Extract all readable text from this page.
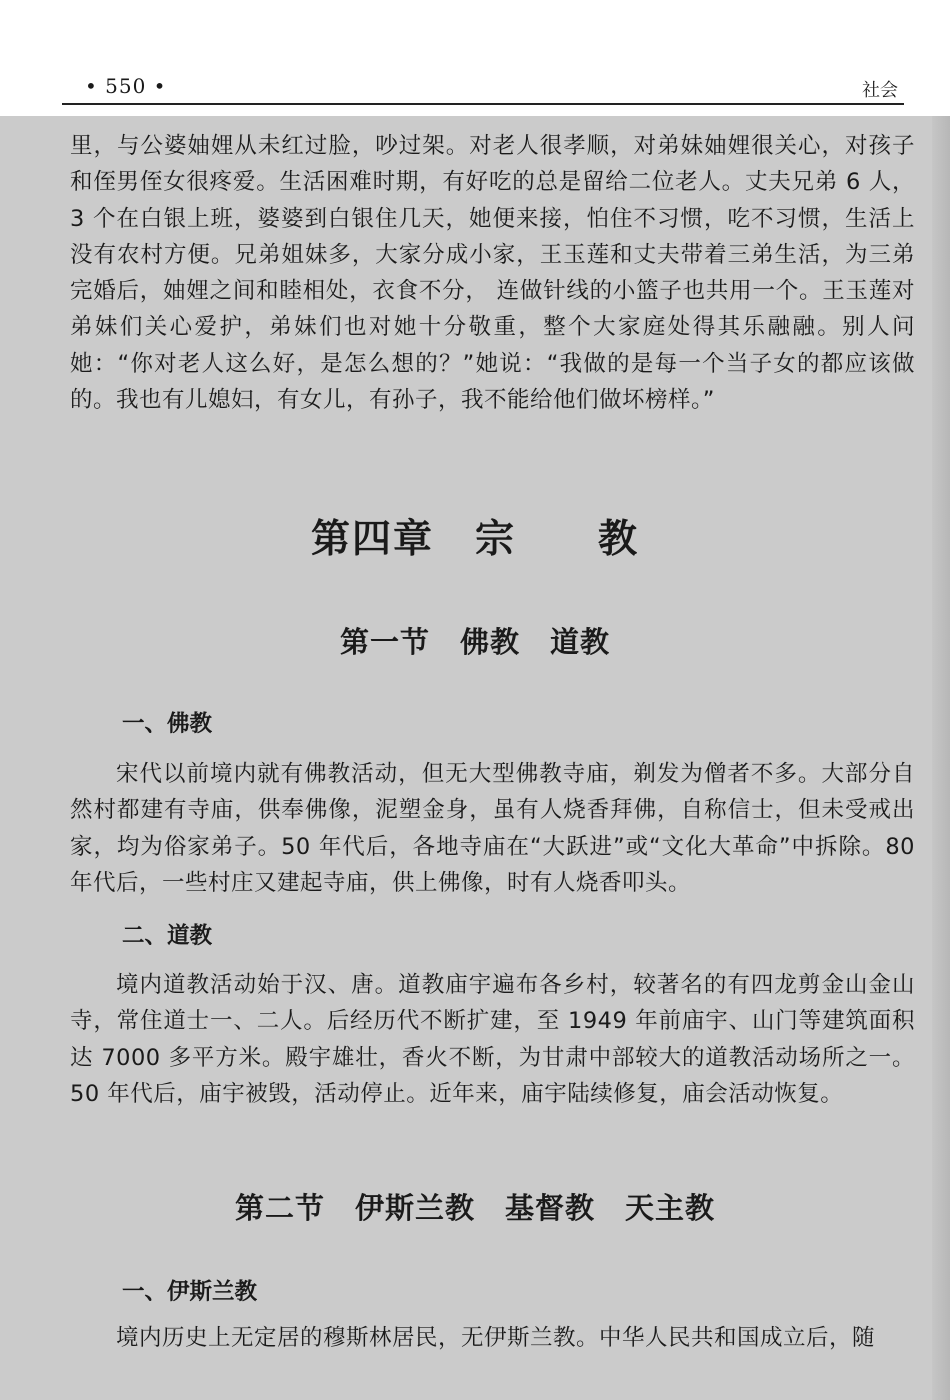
• 550 •	社会

里，与公婆妯娌从未红过脸，吵过架。对老人很孝顺，对弟妹妯娌很关心，对孩子和侄男侄女很疼爱。生活困难时期，有好吃的总是留给二位老人。丈夫兄弟 6 人，3 个在白银上班，婆婆到白银住几天，她便来接，怕住不习惯，吃不习惯，生活上没有农村方便。兄弟姐妹多，大家分成小家，王玉莲和丈夫带着三弟生活，为三弟完婚后，妯娌之间和睦相处，衣食不分， 连做针线的小篮子也共用一个。王玉莲对弟妹们关心爱护，弟妹们也对她十分敬重，整个大家庭处得其乐融融。别人问她：“你对老人这么好，是怎么想的？”她说：“我做的是每一个当子女的都应该做的。我也有儿媳妇，有女儿，有孙子，我不能给他们做坏榜样。”

第四章　宗　　教
第一节　佛教　道教
一、佛教

宋代以前境内就有佛教活动，但无大型佛教寺庙，剃发为僧者不多。大部分自然村都建有寺庙，供奉佛像，泥塑金身，虽有人烧香拜佛，自称信士，但未受戒出家，均为俗家弟子。50 年代后，各地寺庙在“大跃进”或“文化大革命”中拆除。80 年代后，一些村庄又建起寺庙，供上佛像，时有人烧香叩头。

二、道教

境内道教活动始于汉、唐。道教庙宇遍布各乡村，较著名的有四龙剪金山金山寺，常住道士一、二人。后经历代不断扩建，至 1949 年前庙宇、山门等建筑面积达 7000 多平方米。殿宇雄壮，香火不断，为甘肃中部较大的道教活动场所之一。50 年代后，庙宇被毁，活动停止。近年来，庙宇陆续修复，庙会活动恢复。

第二节　伊斯兰教　基督教　天主教
一、伊斯兰教

境内历史上无定居的穆斯林居民，无伊斯兰教。中华人民共和国成立后，随
